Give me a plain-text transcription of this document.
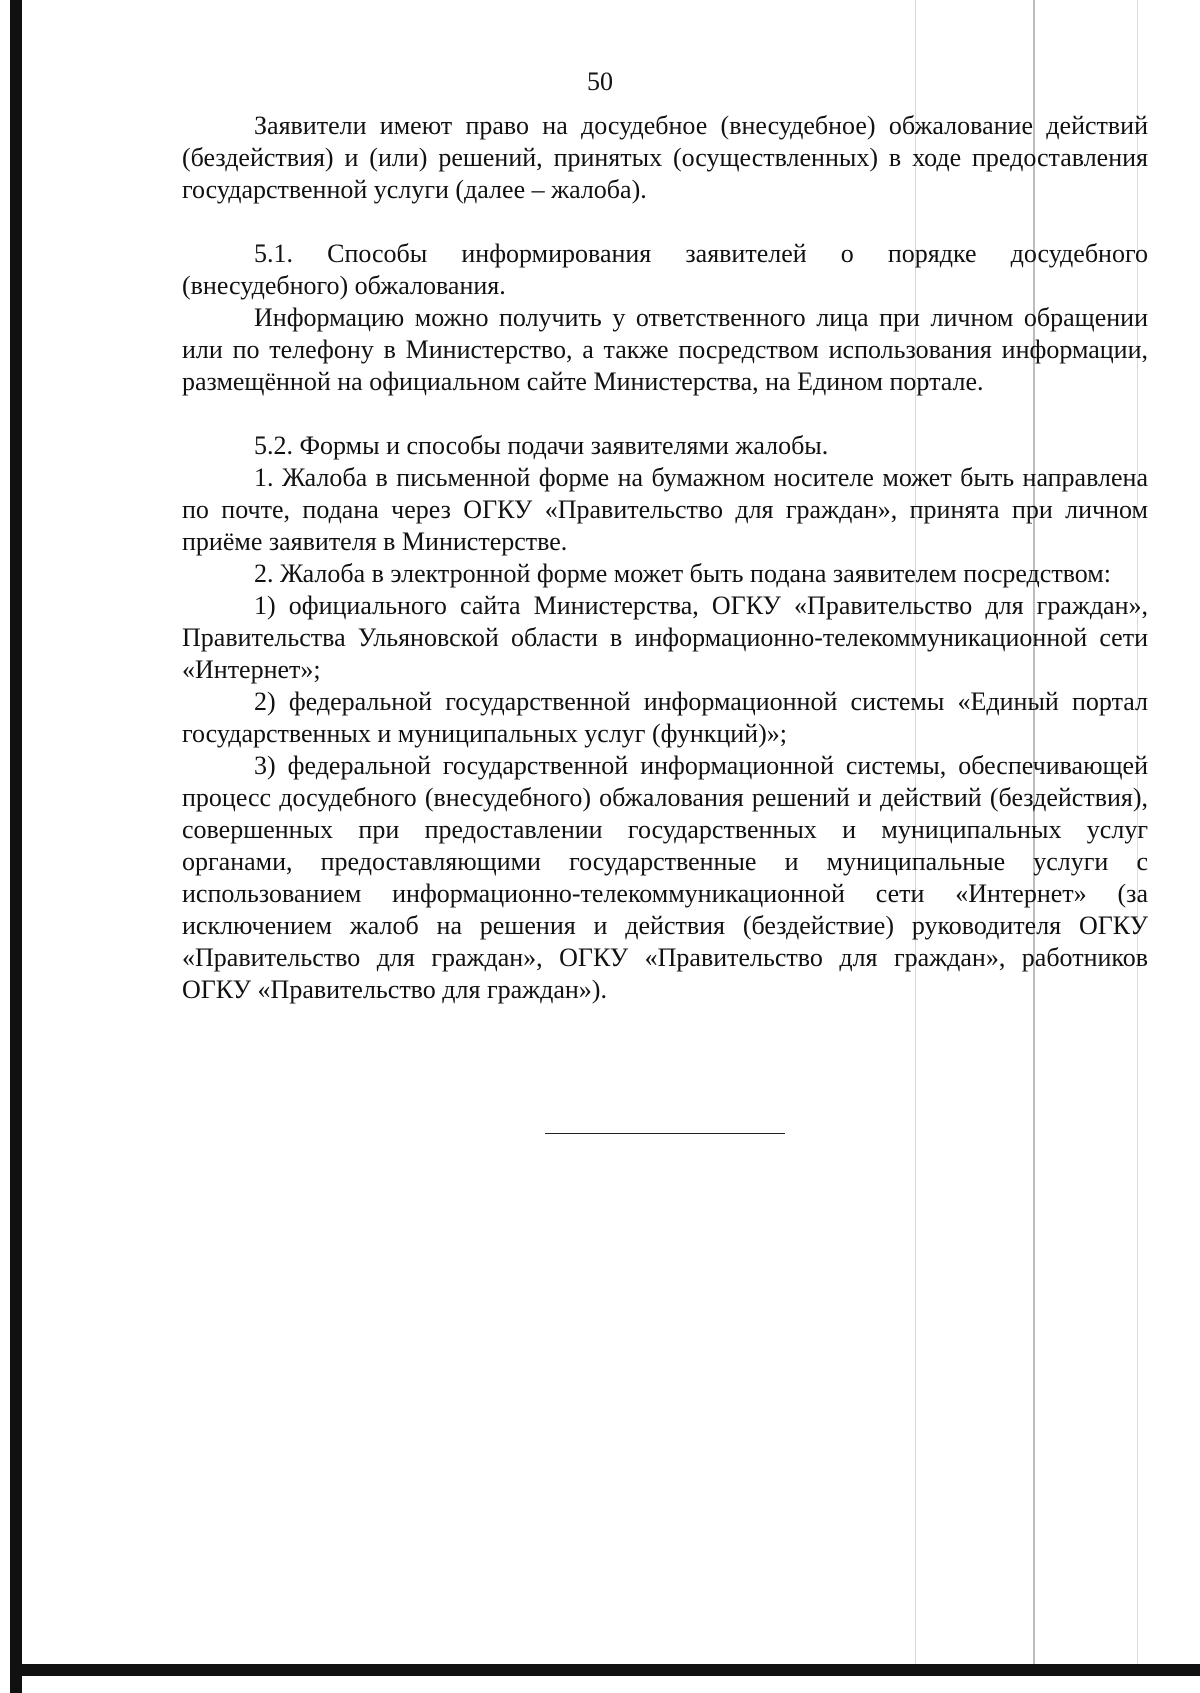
50

Заявители имеют право на досудебное (внесудебное) обжалование действий (бездействия) и (или) решений, принятых (осуществленных) в ходе предоставления государственной услуги (далее – жалоба).

5.1. Способы информирования заявителей о порядке досудебного (внесудебного) обжалования.

Информацию можно получить у ответственного лица при личном обращении или по телефону в Министерство, а также посредством использования информации, размещённой на официальном сайте Министерства, на Едином портале.

5.2. Формы и способы подачи заявителями жалобы.

1. Жалоба в письменной форме на бумажном носителе может быть направлена по почте, подана через ОГКУ «Правительство для граждан», принята при личном приёме заявителя в Министерстве.

2. Жалоба в электронной форме может быть подана заявителем посредством:

1) официального сайта Министерства, ОГКУ «Правительство для граждан», Правительства Ульяновской области в информационно-телекоммуникационной сети «Интернет»;

2) федеральной государственной информационной системы «Единый портал государственных и муниципальных услуг (функций)»;

3) федеральной государственной информационной системы, обеспечивающей процесс досудебного (внесудебного) обжалования решений и действий (бездействия), совершенных при предоставлении государственных и муниципальных услуг органами, предоставляющими государственные и муниципальные услуги с использованием информационно-телекоммуникационной сети «Интернет» (за исключением жалоб на решения и действия (бездействие) руководителя ОГКУ «Правительство для граждан», ОГКУ «Правительство для граждан», работников ОГКУ «Правительство для граждан»).
